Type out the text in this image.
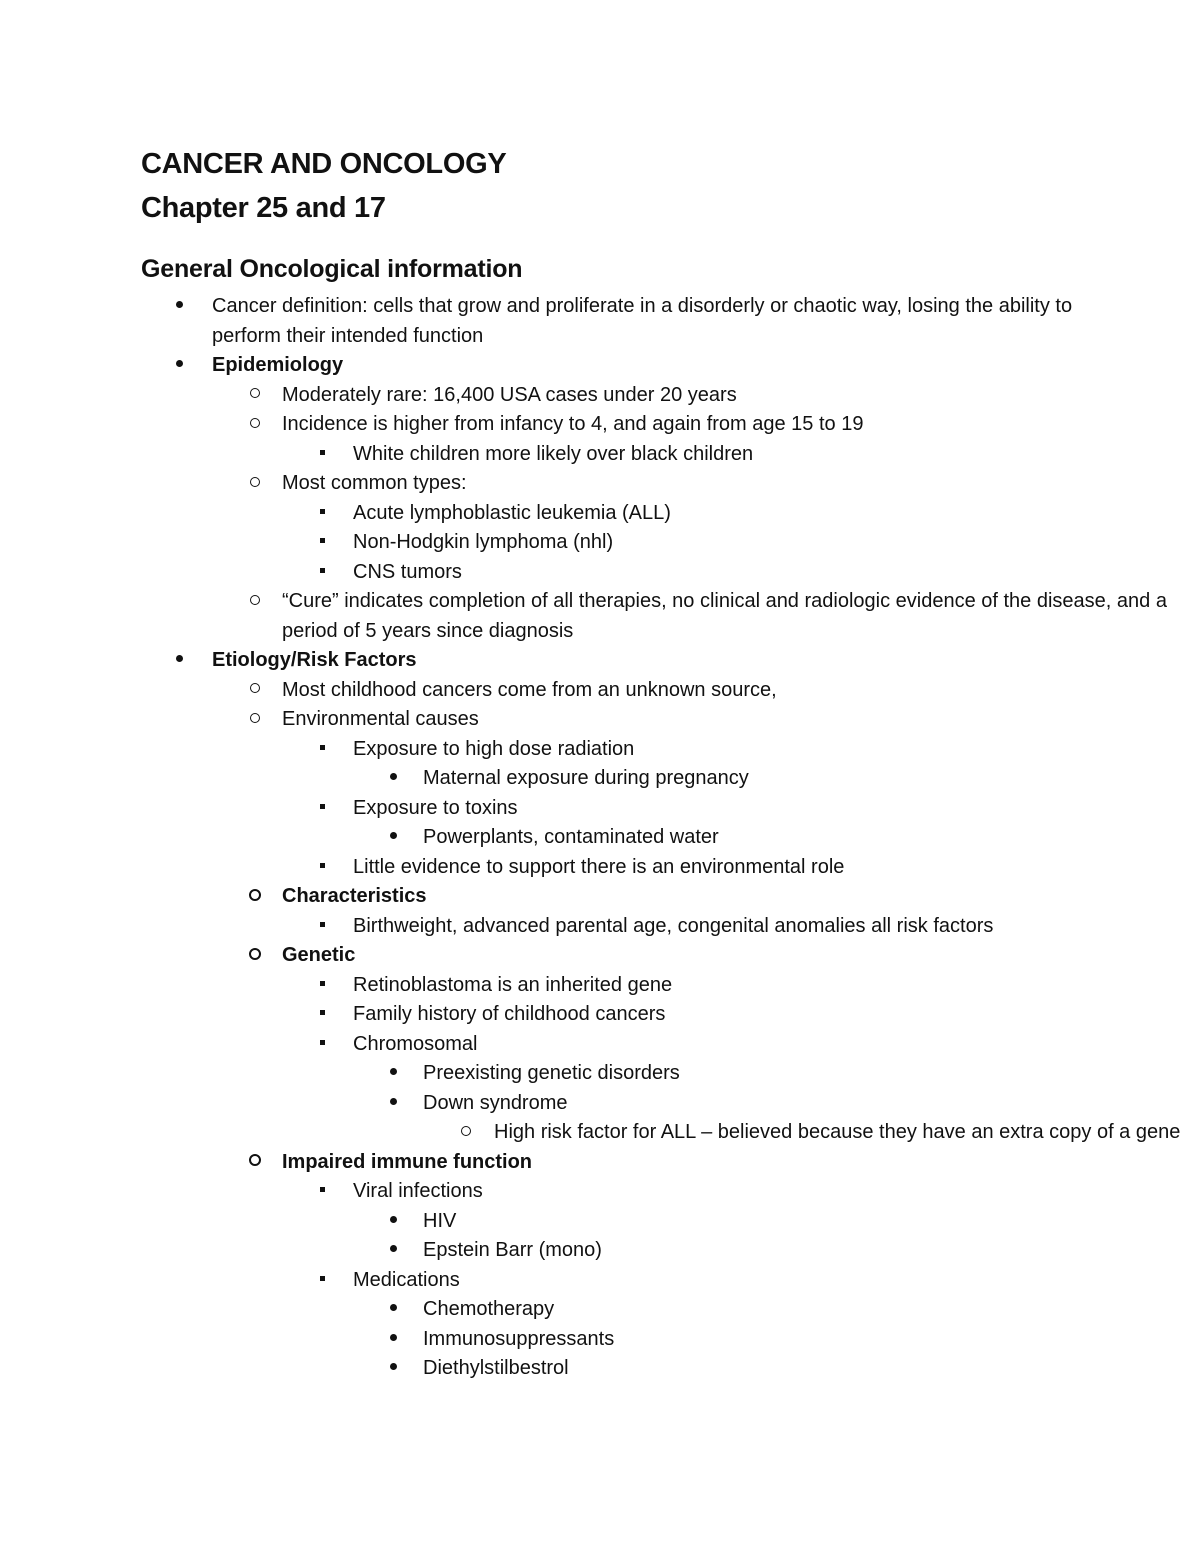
CANCER AND ONCOLOGY
Chapter 25 and 17
General Oncological information
Cancer definition: cells that grow and proliferate in a disorderly or chaotic way, losing the ability to perform their intended function
Epidemiology
Moderately rare: 16,400 USA cases under 20 years
Incidence is higher from infancy to 4, and again from age 15 to 19
White children more likely over black children
Most common types:
Acute lymphoblastic leukemia (ALL)
Non-Hodgkin lymphoma (nhl)
CNS tumors
“Cure” indicates completion of all therapies, no clinical and radiologic evidence of the disease, and a period of 5 years since diagnosis
Etiology/Risk Factors
Most childhood cancers come from an unknown source,
Environmental causes
Exposure to high dose radiation
Maternal exposure during pregnancy
Exposure to toxins
Powerplants, contaminated water
Little evidence to support there is an environmental role
Characteristics
Birthweight, advanced parental age, congenital anomalies all risk factors
Genetic
Retinoblastoma is an inherited gene
Family history of childhood cancers
Chromosomal
Preexisting genetic disorders
Down syndrome
High risk factor for ALL – believed because they have an extra copy of a gene
Impaired immune function
Viral infections
HIV
Epstein Barr (mono)
Medications
Chemotherapy
Immunosuppressants
Diethylstilbestrol
